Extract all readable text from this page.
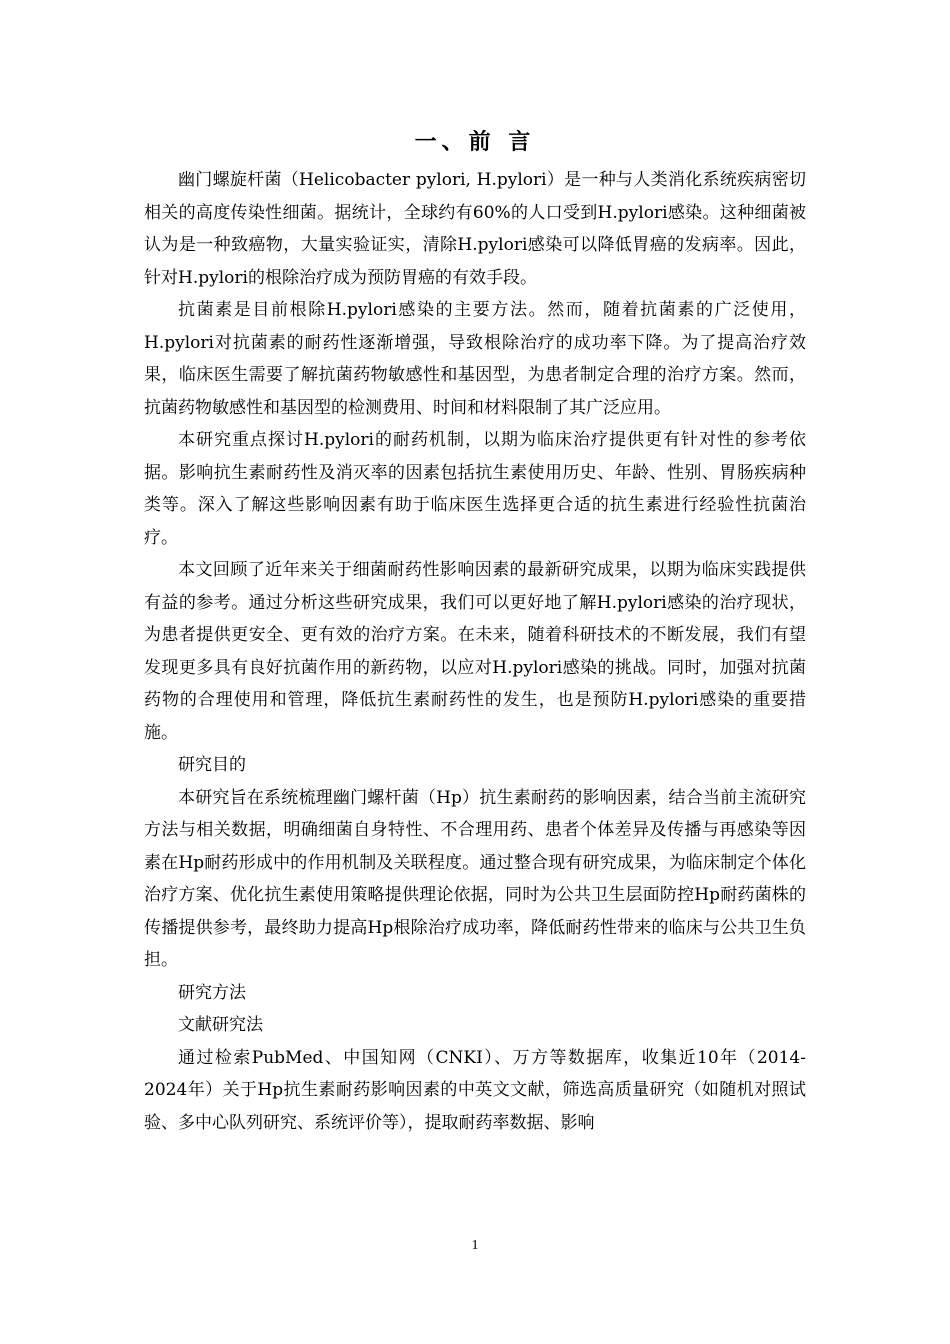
一、前 言

幽门螺旋杆菌（Helicobacter pylori, H.pylori）是一种与人类消化系统疾病密切相关的高度传染性细菌。据统计，全球约有60%的人口受到H.pylori感染。这种细菌被认为是一种致癌物，大量实验证实，清除H.pylori感染可以降低胃癌的发病率。因此，针对H.pylori的根除治疗成为预防胃癌的有效手段。

抗菌素是目前根除H.pylori感染的主要方法。然而，随着抗菌素的广泛使用，H.pylori对抗菌素的耐药性逐渐增强，导致根除治疗的成功率下降。为了提高治疗效果，临床医生需要了解抗菌药物敏感性和基因型，为患者制定合理的治疗方案。然而，抗菌药物敏感性和基因型的检测费用、时间和材料限制了其广泛应用。

本研究重点探讨H.pylori的耐药机制，以期为临床治疗提供更有针对性的参考依据。影响抗生素耐药性及消灭率的因素包括抗生素使用历史、年龄、性别、胃肠疾病种类等。深入了解这些影响因素有助于临床医生选择更合适的抗生素进行经验性抗菌治疗。

本文回顾了近年来关于细菌耐药性影响因素的最新研究成果，以期为临床实践提供有益的参考。通过分析这些研究成果，我们可以更好地了解H.pylori感染的治疗现状，为患者提供更安全、更有效的治疗方案。在未来，随着科研技术的不断发展，我们有望发现更多具有良好抗菌作用的新药物，以应对H.pylori感染的挑战。同时，加强对抗菌药物的合理使用和管理，降低抗生素耐药性的发生，也是预防H.pylori感染的重要措施。

研究目的

本研究旨在系统梳理幽门螺杆菌（Hp）抗生素耐药的影响因素，结合当前主流研究方法与相关数据，明确细菌自身特性、不合理用药、患者个体差异及传播与再感染等因素在Hp耐药形成中的作用机制及关联程度。通过整合现有研究成果，为临床制定个体化治疗方案、优化抗生素使用策略提供理论依据，同时为公共卫生层面防控Hp耐药菌株的传播提供参考，最终助力提高Hp根除治疗成功率，降低耐药性带来的临床与公共卫生负担。

研究方法

文献研究法

通过检索PubMed、中国知网（CNKI）、万方等数据库，收集近10年（2014-2024年）关于Hp抗生素耐药影响因素的中英文文献，筛选高质量研究（如随机对照试验、多中心队列研究、系统评价等），提取耐药率数据、影响

1
